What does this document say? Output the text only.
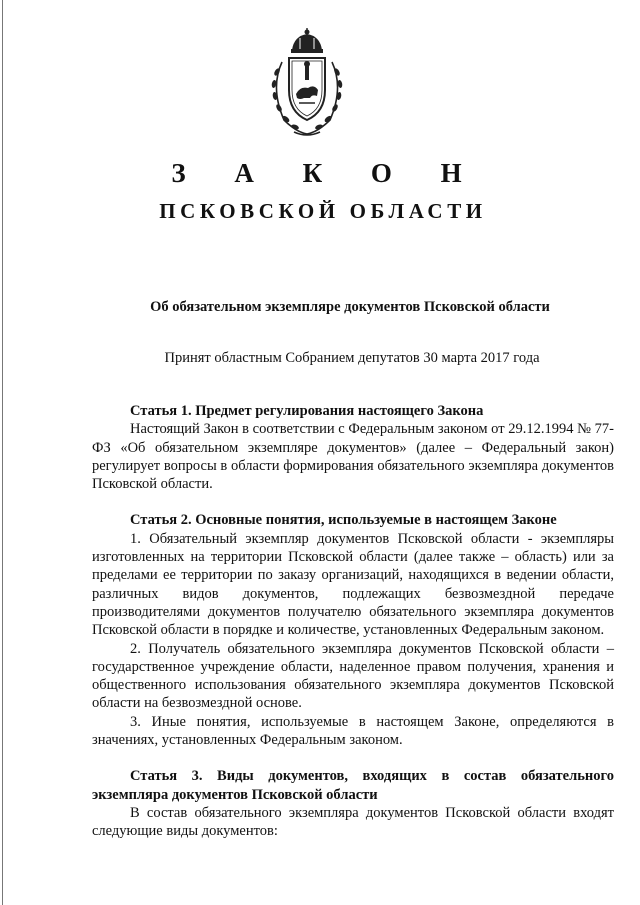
З А К О Н
ПСКОВСКОЙ ОБЛАСТИ

Об обязательном экземпляре документов Псковской области

Принят областным Собранием депутатов 30 марта 2017 года

Статья 1. Предмет регулирования настоящего Закона

Настоящий Закон в соответствии с Федеральным законом от 29.12.1994 № 77-ФЗ «Об обязательном экземпляре документов» (далее – Федеральный закон) регулирует вопросы в области формирования обязательного экземпляра документов Псковской области.

Статья 2. Основные понятия, используемые в настоящем Законе

1. Обязательный экземпляр документов Псковской области - экземпляры изготовленных на территории Псковской области (далее также – область) или за пределами ее территории по заказу организаций, находящихся в ведении области, различных видов документов, подлежащих безвозмездной передаче производителями документов получателю обязательного экземпляра документов Псковской области в порядке и количестве, установленных Федеральным законом.

2. Получатель обязательного экземпляра документов Псковской области – государственное учреждение области, наделенное правом получения, хранения и общественного использования обязательного экземпляра документов Псковской области на безвозмездной основе.

3. Иные понятия, используемые в настоящем Законе, определяются в значениях, установленных Федеральным законом.

Статья 3. Виды документов, входящих в состав обязательного экземпляра документов Псковской области

В состав обязательного экземпляра документов Псковской области входят следующие виды документов:
